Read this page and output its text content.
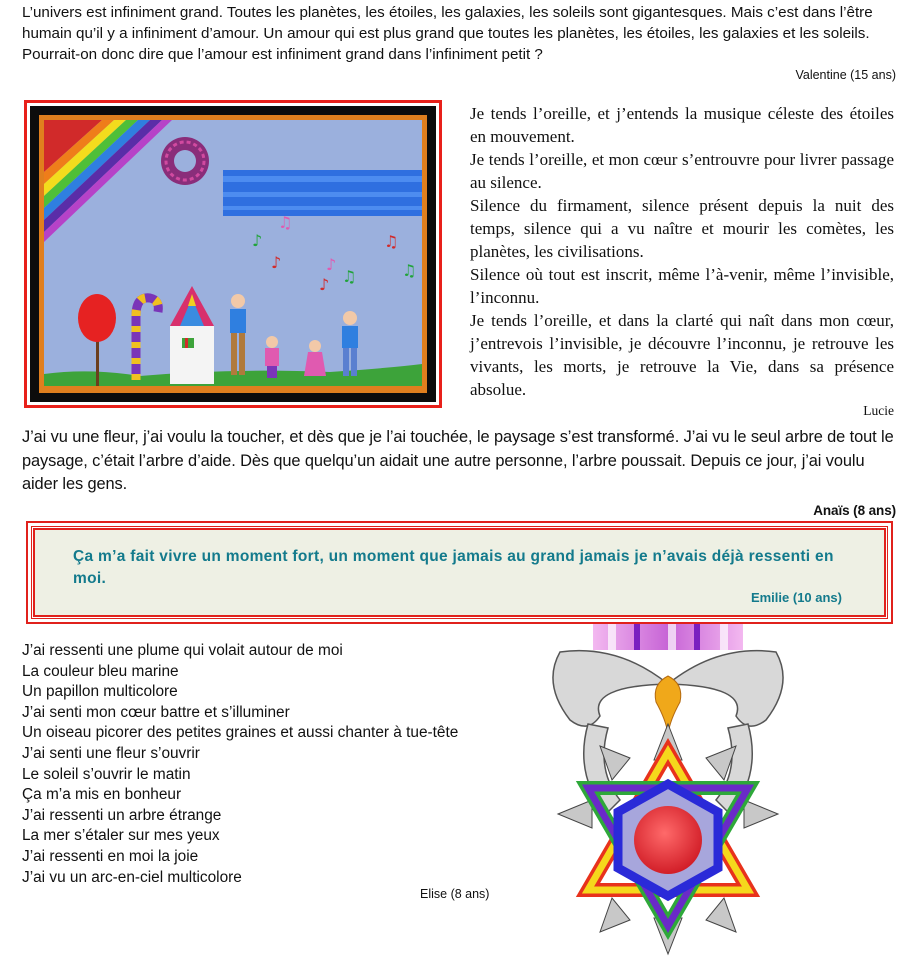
L’univers est infiniment grand. Toutes les planètes, les étoiles, les galaxies, les soleils sont gigantesques. Mais c’est dans l’être humain qu’il y a infiniment d’amour. Un amour qui est plus grand que toutes les planètes, les étoiles, les galaxies et les soleils. Pourrait-on donc dire que l’amour est infiniment grand dans l’infiniment petit ?
Valentine (15 ans)
♫
♪	♫
♪	♪
♫	♫
♪

Je tends l’oreille, et j’entends la musique céleste des étoiles en mouvement.

Je tends l’oreille, et mon cœur s’entrouvre pour livrer passage au silence.

Silence du firmament, silence présent depuis la nuit des temps, silence qui a vu naître et mourir les comètes, les planètes, les civilisations.

Silence où tout est inscrit, même l’à-venir, même l’invisible, l’inconnu.

Je tends l’oreille, et dans la clarté qui naît dans mon cœur, j’entrevois l’invisible, je découvre l’inconnu, je retrouve les vivants, les morts, je retrouve la Vie, dans sa présence absolue.

Lucie

J’ai vu une fleur, j’ai voulu la toucher, et dès que je l’ai touchée, le paysage s’est transformé. J’ai vu le seul arbre de tout le paysage, c’était l’arbre d’aide. Dès que quelqu’un aidait une autre personne, l’arbre poussait. Depuis ce jour, j’ai voulu aider les gens.
Anaïs (8 ans)
Ça m’a fait vivre un moment fort, un moment que jamais au grand jamais je n’avais déjà ressenti en moi.
Emilie (10 ans)
J’ai ressenti une plume qui volait autour de moi
La couleur bleu marine
Un papillon multicolore
J’ai senti mon cœur battre et s’illuminer
Un oiseau picorer des petites graines et aussi chanter à tue-tête
J’ai senti une fleur s’ouvrir
Le soleil s’ouvrir le matin
Ça m’a mis en bonheur
J’ai ressenti un arbre étrange
La mer s’étaler sur mes yeux
J’ai ressenti en moi la joie
J’ai vu un arc-en-ciel multicolore
Elise (8 ans)
